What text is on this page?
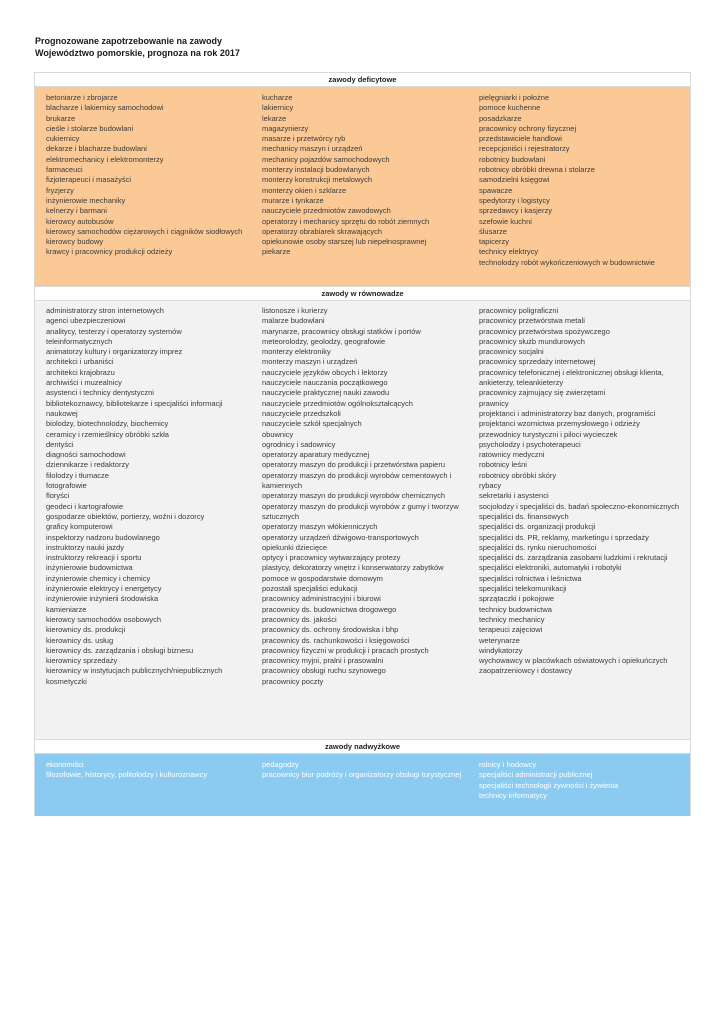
Prognozowane zapotrzebowanie na zawody
Województwo pomorskie, prognoza na rok 2017
zawody deficytowe
betoniarze i zbrojarze
blacharze i lakiernicy samochodowi
brukarze
cieśle i stolarze budowlani
cukiernicy
dekarze i blacharze budowlani
elektromechanicy i elektromonterzy
farmaceuci
fizjoterapeuci i masażyści
fryzjerzy
inżynierowie mechaniky
kelnerzy i barmani
kierowcy autobusów
kierowcy samochodów ciężarowych i ciągników siodłowych
kierowcy budowy
krawcy i pracownicy produkcji odzieży
kucharze
lakiernicy
lekarze
magazynierzy
masarze i przetwórcy ryb
mechanicy maszyn i urządzeń
mechanicy pojazdów samochodowych
monterzy instalacji budowlanych
monterzy konstrukcji metalowych
monterzy okien i szklarze
murarze i tynkarze
nauczyciele przedmiotów zawodowych
operatorzy i mechanicy sprzętu do robót ziemnych
operatorzy obrabiarek skrawających
opiekunowie osoby starszej lub niepełnosprawnej
piekarze
pielęgniarki i położne
pomoce kuchenne
posadzkarze
pracownicy ochrony fizycznej
przedstawiciele handlowi
recepcjoniści i rejestratorzy
robotnicy budowlani
robotnicy obróbki drewna i stolarze
samodzielni księgowi
spawacze
spedytorzy i logistycy
sprzedawcy i kasjerzy
szefowie kuchni
ślusarze
tapicerzy
technicy elektrycy
technolodzy robót wykończeniowych w budownictwie
zawody w równowadze
administratorzy stron internetowych
agenci ubezpieczeniowi
analitycy, testerzy i operatorzy systemów teleinformatycznych
animatorzy kultury i organizatorzy imprez
architekci i urbaniści
architekci krajobrazu
archiwiści i muzealnicy
asystenci i technicy dentystyczni
bibliotekoznawcy, bibliotekarze i specjaliści informacji naukowej
biolodzy, biotechnolodzy, biochemicy
ceramicy i rzemieślnicy obróbki szkła
dentyści
diagności samochodowi
dziennikarze i redaktorzy
filolodzy i tłumacze
fotografowie
floryści
geodeci i kartografowie
gospodarze obiektów, portierzy, woźni i dozorcy
graficy komputerowi
inspektorzy nadzoru budowlanego
instruktorzy nauki jazdy
instruktorzy rekreacji i sportu
inżynierowie budownictwa
inżynierowie chemicy i chemicy
inżynierowie elektrycy i energetycy
inżynierowie inżynierii środowiska
kamieniarze
kierowcy samochodów osobowych
kierownicy ds. produkcji
kierownicy ds. usług
kierownicy ds. zarządzania i obsługi biznesu
kierownicy sprzedaży
kierownicy w instytucjach publicznych/niepublicznych
kosmetyczki
listonosze i kurierzy
malarze budowlani
marynarze, pracownicy obsługi statków i portów
meteorolodzy, geolodzy, geografowie
monterzy elektroniky
monterzy maszyn i urządzeń
nauczyciele języków obcych i lektorzy
nauczyciele nauczania początkowego
nauczyciele praktycznej nauki zawodu
nauczyciele przedmiotów ogólnokształcących
nauczyciele przedszkoli
nauczyciele szkół specjalnych
obuwnicy
ogrodnicy i sadownicy
operatorzy aparatury medycznej
operatorzy maszyn do produkcji i przetwórstwa papieru
operatorzy maszyn do produkcji wyrobów cementowych i kamiennych
operatorzy maszyn do produkcji wyrobów chemicznych
operatorzy maszyn do produkcji wyrobów z gumy i tworzyw sztucznych
operatorzy maszyn włókienniczych
operatorzy urządzeń dźwigowo-transportowych
opiekunki dziecięce
optycy i pracownicy wytwarzający protezy
plastycy, dekoratorzy wnętrz i konserwatorzy zabytków
pomoce w gospodarstwie domowym
pozostali specjaliści edukacji
pracownicy administracyjni i biurowi
pracownicy ds. budownictwa drogowego
pracownicy ds. jakości
pracownicy ds. ochrony środowiska i bhp
pracownicy ds. rachunkowości i księgowości
pracownicy fizyczni w produkcji i pracach prostych
pracownicy myjni, pralni i prasowalni
pracownicy obsługi ruchu szynowego
pracownicy poczty
pracownicy poligraficzni
pracownicy przetwórstwa metali
pracownicy przetwórstwa spożywczego
pracownicy służb mundurowych
pracownicy socjalni
pracownicy sprzedaży internetowej
pracownicy telefonicznej i elektronicznej obsługi klienta, ankieterzy, teleankieterzy
pracownicy zajmujący się zwierzętami
prawnicy
projektanci i administratorzy baz danych, programiści
projektanci wzornictwa przemysłowego i odzieży
przewodnicy turystyczni i piloci wycieczek
psycholodzy i psychoterapeuci
ratownicy medyczni
robotnicy leśni
robotnicy obróbki skóry
rybacy
sekretarki i asystenci
socjolodzy i specjaliści ds. badań społeczno-ekonomicznych
specjaliści ds. finansowych
specjaliści ds. organizacji produkcji
specjaliści ds. PR, reklamy, marketingu i sprzedaży
specjaliści ds. rynku nieruchomości
specjaliści ds. zarządzania zasobami ludzkimi i rekrutacji
specjaliści elektroniki, automatyki i robotyki
specjaliści rolnictwa i leśnictwa
specjaliści telekomunikacji
sprzątaczki i pokojowe
technicy budownictwa
technicy mechanicy
terapeuci zajęciowi
weterynarze
windykatorzy
wychowawcy w placówkach oświatowych i opiekuńczych
zaopatrzeniowcy i dostawcy
zawody nadwyżkowe
ekonomiści
filozofowie, historycy, politolodzy i kulturoznawcy
pedagodzy
pracownicy biur podróży i organizatorzy obsługi turystycznej
rolnicy i hodowcy
specjaliści administracji publicznej
specjaliści technologii żywności i żywienia
technicy informatycy
